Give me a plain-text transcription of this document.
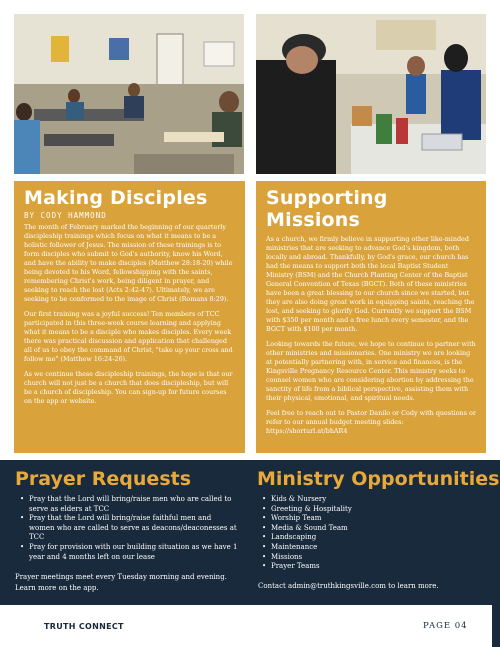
Making Disciples
BY CODY HAMMOND

The month of February marked the beginning of our quarterly discipleship trainings which focus on what it means to be a holistic follower of Jesus. The mission of these trainings is to form disciples who submit to God's authority, know his Word, and have the ability to make disciples (Matthew 28:18-20) while being devoted to his Word, fellowshipping with the saints, remembering Christ's work, being diligent in prayer, and seeking to reach the lost (Acts 2:42-47). Ultimately, we are seeking to be conformed to the image of Christ (Romans 8:29).

Our first training was a joyful success! Ten members of TCC participated in this three-week course learning and applying what it means to be a disciple who makes disciples. Every week there was practical discussion and application that challenged all of us to obey the command of Christ, "take up your cross and follow me" (Matthew 16:24-26).

As we continue these discipleship trainings, the hope is that our church will not just be a church that does discipleship, but will be a church of discipleship. You can sign-up for future courses on the app or website.

Supporting Missions

As a church, we firmly believe in supporting other like-minded ministries that are seeking to advance God's kingdom, both locally and abroad. Thankfully, by God's grace, our church has had the means to support both the local Baptist Student Ministry (BSM) and the Church Planting Center of the Baptist General Convention of Texas (BGCT). Both of these ministries have been a great blessing to our church since we started, but they are also doing great work in equipping saints, reaching the lost, and seeking to glorify God. Currently we support the BSM with $350 per month and a free lunch every semester, and the BGCT with $100 per month.

Looking towards the future, we hope to continue to partner with other ministries and missionaries. One ministry we are looking at potentially partnering with, in service and finances, is the Kingsville Pregnancy Resource Center. This ministry seeks to counsel women who are considering abortion by addressing the sanctity of life from a biblical perspective, assisting them with their physical, emotional, and spiritual needs.

Feel free to reach out to Pastor Danilo or Cody with questions or refer to our annual budget meeting slides: https://shorturl.at/bhAR4

Prayer Requests
• Pray that the Lord will bring/raise men who are called to serve as elders at TCC
• Pray that the Lord will bring/raise faithful men and women who are called to serve as deacons/deaconesses at TCC
• Pray for provision with our building situation as we have 1 year and 4 months left on our lease

Prayer meetings meet every Tuesday morning and evening. Learn more on the app.

Ministry Opportunities
• Kids & Nursery
• Greeting & Hospitality
• Worship Team
• Media & Sound Team
• Landscaping
• Maintenance
• Missions
• Prayer Teams

Contact admin@truthkingsville.com to learn more.

TRUTH CONNECT	PAGE 04
